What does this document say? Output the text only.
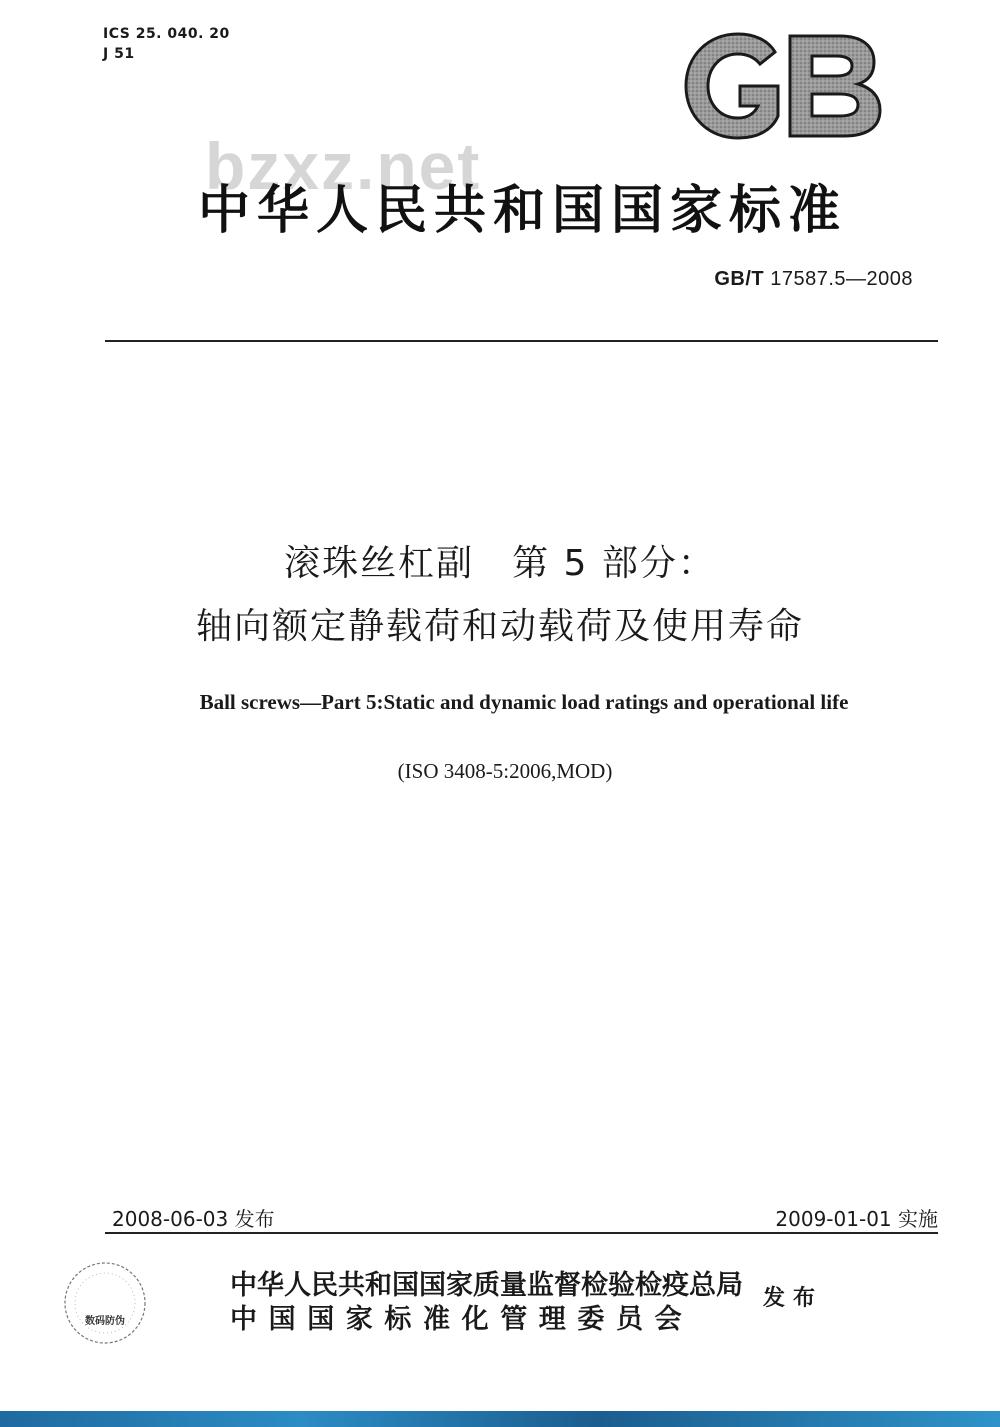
ICS 25. 040. 20
J 51
bzxz.net
中华人民共和国国家标准
GB/T 17587.5—2008
滚珠丝杠副　第 5 部分：
轴向额定静载荷和动载荷及使用寿命
Ball screws—Part 5:Static and dynamic load ratings and operational life
(ISO 3408-5:2006,MOD)
2008-06-03 发布	2009-01-01 实施
数码防伪
中华人民共和国国家质量监督检验检疫总局
中国国家标准化管理委员会
发布
